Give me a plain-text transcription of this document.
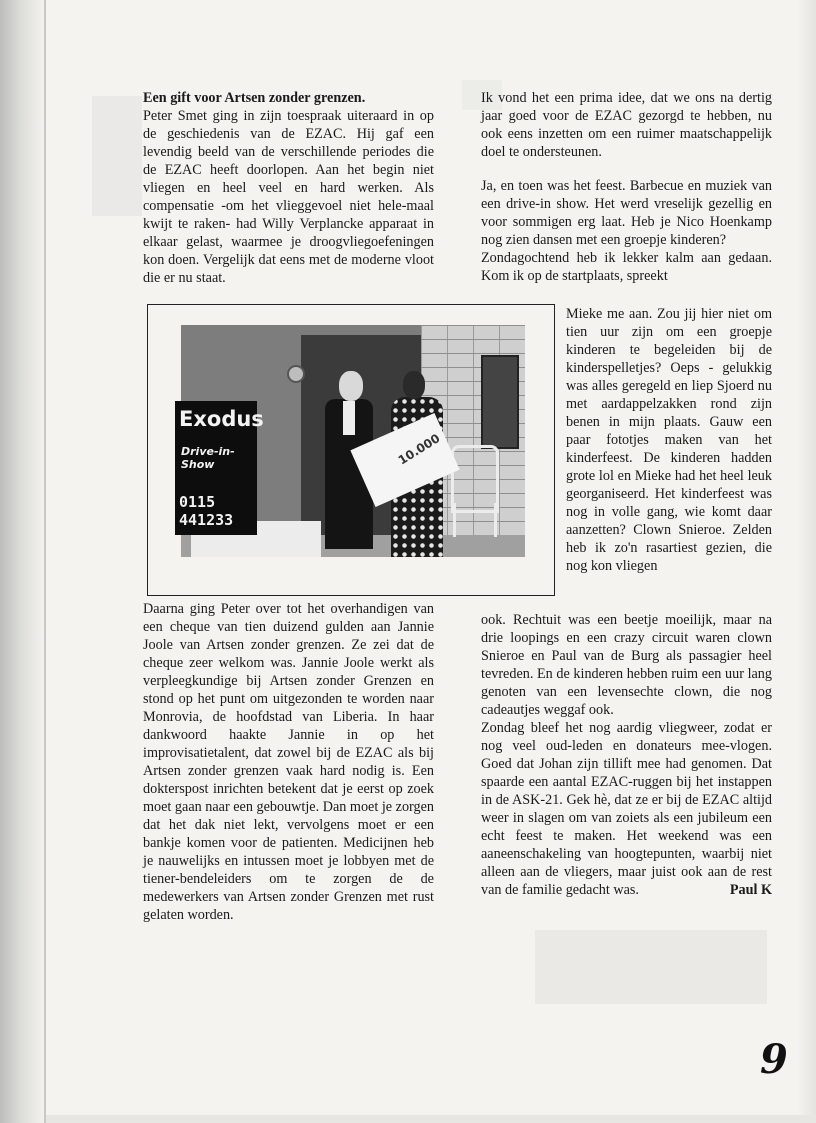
Een gift voor Artsen zonder grenzen.

Peter Smet ging in zijn toespraak uiteraard in op de geschiedenis van de EZAC. Hij gaf een levendig beeld van de verschillende periodes die de EZAC heeft doorlopen. Aan het begin niet vliegen en heel veel en hard werken. Als compensatie -om het vlieggevoel niet hele-maal kwijt te raken- had Willy Verplancke apparaat in elkaar gelast, waarmee je droogvliegoefeningen kon doen. Vergelijk dat eens met de moderne vloot die er nu staat.

10.000
Exodus
Drive-in-Show
0115 441233

Daarna ging Peter over tot het overhandigen van een cheque van tien duizend gulden aan Jannie Joole van Artsen zonder grenzen. Ze zei dat de cheque zeer welkom was. Jannie Joole werkt als verpleegkundige bij Artsen zonder Grenzen en stond op het punt om uitgezonden te worden naar Monrovia, de hoofdstad van Liberia. In haar dankwoord haakte Jannie in op het improvisatietalent, dat zowel bij de EZAC als bij Artsen zonder grenzen vaak hard nodig is. Een dokterspost inrichten betekent dat je eerst op zoek moet gaan naar een gebouwtje. Dan moet je zorgen dat het dak niet lekt, vervolgens moet er een bankje komen voor de patienten. Medicijnen heb je nauwelijks en intussen moet je lobbyen met de tiener-bendeleiders om te zorgen de de medewerkers van Artsen zonder Grenzen met rust gelaten worden.

Ik vond het een prima idee, dat we ons na dertig jaar goed voor de EZAC gezorgd te hebben, nu ook eens inzetten om een ruimer maatschappelijk doel te ondersteunen.

Ja, en toen was het feest. Barbecue en muziek van een drive-in show. Het werd vreselijk gezellig en voor sommigen erg laat. Heb je Nico Hoenkamp nog zien dansen met een groepje kinderen?

Zondagochtend heb ik lekker kalm aan gedaan. Kom ik op de startplaats, spreekt

Mieke me aan. Zou jij hier niet om tien uur zijn om een groepje kinderen te begeleiden bij de kinderspelletjes? Oeps - gelukkig was alles geregeld en liep Sjoerd nu met aardappelzakken rond zijn benen in mijn plaats. Gauw een paar fototjes maken van het kinderfeest. De kinderen hadden grote lol en Mieke had het heel leuk georganiseerd. Het kinderfeest was nog in volle gang, wie komt daar aanzetten? Clown Snieroe. Zelden heb ik zo'n rasartiest gezien, die nog kon vliegen

ook. Rechtuit was een beetje moeilijk, maar na drie loopings en een crazy circuit waren clown Snieroe en Paul van de Burg als passagier heel tevreden. En de kinderen hebben ruim een uur lang genoten van een levensechte clown, die nog cadeautjes weggaf ook.

Zondag bleef het nog aardig vliegweer, zodat er nog veel oud-leden en donateurs mee-vlogen. Goed dat Johan zijn tillift mee had genomen. Dat spaarde een aantal EZAC-ruggen bij het instappen in de ASK-21. Gek hè, dat ze er bij de EZAC altijd weer in slagen om van zoiets als een jubileum een echt feest te maken. Het weekend was een aaneenschakeling van hoogtepunten, waarbij niet alleen aan de vliegers, maar juist ook aan de rest van de familie gedacht was.	Paul K

9
